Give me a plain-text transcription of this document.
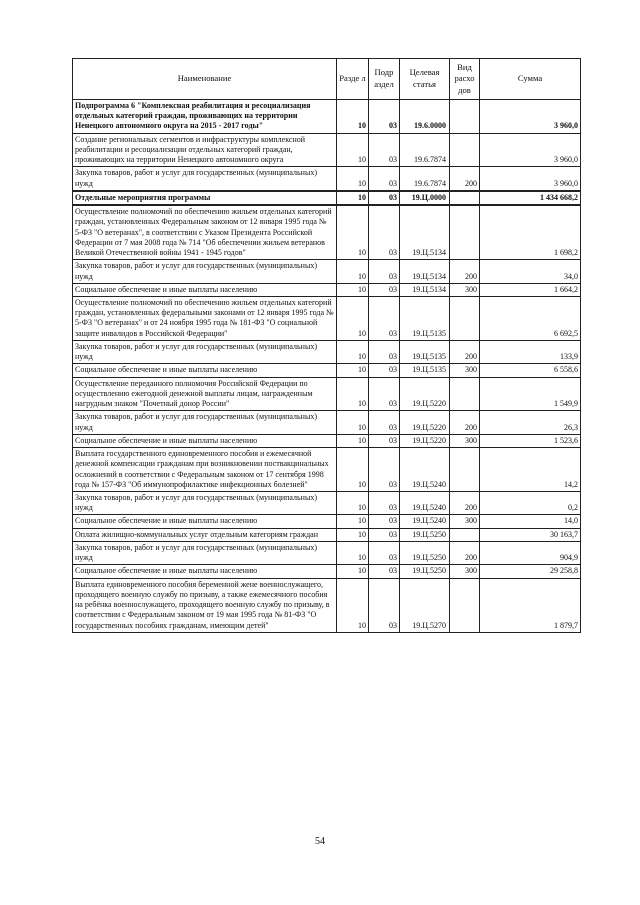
Наименование	Разде л	Подр аздел	Целевая статья	Вид расхо дов	Сумма
Подпрограмма 6 "Комплексная реабилитация и ресоциализация отдельных категорий граждан, проживающих на территории Ненецкого автономного округа на 2015 - 2017 годы"	10	03	19.6.0000		3 960,0
Создание региональных сегментов и инфраструктуры комплексной реабилитации и ресоциализации отдельных категорий граждан, проживающих на территории Ненецкого автономного округа	10	03	19.6.7874		3 960,0
Закупка товаров, работ и услуг для государственных (муниципальных) нужд	10	03	19.6.7874	200	3 960,0
Отдельные мероприятия программы	10	03	19.Ц.0000		1 434 668,2
Осуществление полномочий по обеспечению жильем отдельных категорий граждан, установленных Федеральным законом от 12 января 1995 года № 5-ФЗ "О ветеранах", в соответствии с Указом Президента Российской Федерации от 7 мая 2008 года № 714 "Об обеспечении жильем ветеранов Великой Отечественной войны 1941 - 1945 годов"	10	03	19.Ц.5134		1 698,2
Закупка товаров, работ и услуг для государственных (муниципальных) нужд	10	03	19.Ц.5134	200	34,0
Социальное обеспечение и иные выплаты населению	10	03	19.Ц.5134	300	1 664,2
Осуществление полномочий по обеспечению жильем отдельных категорий граждан, установленных федеральными законами от 12 января 1995 года № 5-ФЗ "О ветеранах" и от 24 ноября 1995 года № 181-ФЗ "О социальной защите инвалидов в Российской Федерации"	10	03	19.Ц.5135		6 692,5
Закупка товаров, работ и услуг для государственных (муниципальных) нужд	10	03	19.Ц.5135	200	133,9
Социальное обеспечение и иные выплаты населению	10	03	19.Ц.5135	300	6 558,6
Осуществление переданного полномочия Российской Федерации по осуществлению ежегодной денежной выплаты лицам, награжденным нагрудным знаком "Почетный донор России"	10	03	19.Ц.5220		1 549,9
Закупка товаров, работ и услуг для государственных (муниципальных) нужд	10	03	19.Ц.5220	200	26,3
Социальное обеспечение и иные выплаты населению	10	03	19.Ц.5220	300	1 523,6
Выплата государственного единовременного пособия и ежемесячной денежной компенсации гражданам при возникновении поствакцинальных осложнений в соответствии с Федеральным законом от 17 сентября 1998 года № 157-ФЗ "Об иммунопрофилактике инфекционных болезней"	10	03	19.Ц.5240		14,2
Закупка товаров, работ и услуг для государственных (муниципальных) нужд	10	03	19.Ц.5240	200	0,2
Социальное обеспечение и иные выплаты населению	10	03	19.Ц.5240	300	14,0
Оплата жилищно-коммунальных услуг отдельным категориям граждан	10	03	19.Ц.5250		30 163,7
Закупка товаров, работ и услуг для государственных (муниципальных) нужд	10	03	19.Ц.5250	200	904,9
Социальное обеспечение и иные выплаты населению	10	03	19.Ц.5250	300	29 258,8
Выплата единовременного пособия беременной жене военнослужащего, проходящего военную службу по призыву, а также ежемесячного пособия на ребёнка военнослужащего, проходящего военную службу по призыву, в соответствии с Федеральным законом от 19 мая 1995 года № 81-ФЗ "О государственных пособиях гражданам, имеющим детей"	10	03	19.Ц.5270		1 879,7
54
